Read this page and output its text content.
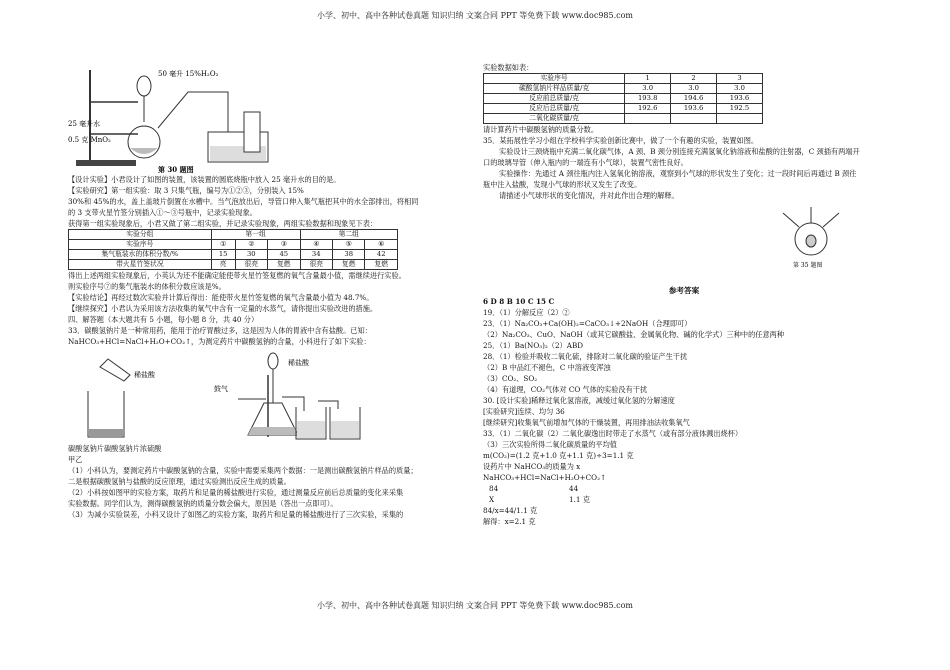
小学、初中、高中各种试卷真题 知识归纳 文案合同 PPT 等免费下载 www.doc985.com
50 毫升 15%H₂O₂
25 毫升水
0.5 克 MnO₂
第 30 题图

【设计实验】小君设计了如图的装置，该装置的圆底烧瓶中放入 25 毫升水的目的是。

【实验研究】第一组实验：取 3 只集气瓶，编号为①②③，分别装入 15%

30%和 45%的水，盖上盖玻片倒置在水槽中。当气泡放出后，导管口伸入集气瓶把其中的水全部排出，将相同

的 3 支带火星竹签分别插入①～③号瓶中，记录实验现象。

获得第一组实验现象后，小君又做了第二组实验，并记录实验现象，两组实验数据和现象见下表：

实验分组	第一组			第二组		
实验序号	①	②	③	④	⑤	⑥
集气瓶装水的体积分数/%	15	30	45	34	38	42
带火星竹签状况	亮	很亮	复燃	很亮	复燃	复燃

得出上述两组实验现象后，小英认为还不能确定能使带火星竹签复燃的氧气含量最小值，需继续进行实验。

则实验序号⑦的集气瓶装水的体积分数应该是%。

【实验结论】再经过数次实验并计算后得出：能使带火星竹签复燃的氧气含量最小值为 48.7%。

【继续探究】小君认为采用该方法收集的氧气中含有一定量的水蒸气，请你提出实验改进的措施。

四、解答题（本大题共有 5 小题，每小题 8 分，共 40 分）

33．碳酸氢钠片是一种常用药，能用于治疗胃酸过多，这是因为人体的胃液中含有盐酸。已知：

NaHCO₃+HCl=NaCl+H₂O+CO₂↑，为测定药片中碳酸氢钠的含量，小科进行了如下实验：

稀盐酸
鼓气
稀盐酸

碳酸氢钠片碳酸氢钠片浓硫酸

甲乙

（1）小科认为，要测定药片中碳酸氢钠的含量，实验中需要采集两个数据：一是测出碳酸氢钠片样品的质量；

二是根据碳酸氢钠与盐酸的反应原理，通过实验测出反应生成的质量。

（2）小科按如图甲的实验方案，取药片和足量的稀盐酸进行实验，通过测量反应前后总质量的变化来采集

实验数据。同学们认为，测得碳酸氢钠的质量分数会偏大，原因是（答出一点即可）。

（3）为减小实验误差，小科又设计了如图乙的实验方案，取药片和足量的稀盐酸进行了三次实验，采集的

实验数据如表：

实验序号	1	2	3
碳酸氢钠片样品质量/克	3.0	3.0	3.0
反应前总质量/克	193.8	194.6	193.6
反应后总质量/克	192.6	193.6	192.5
二氧化碳质量/克			

请计算药片中碳酸氢钠的质量分数。

35．某拓展性学习小组在学校科学实验创新比赛中，做了一个有趣的实验，装置如图。

实验设计三颈烧瓶中充满二氧化碳气体，A 颈、B 颈分别连接充满氢氧化钠溶液和盐酸的注射器，C 颈插有两端开

口的玻璃导管（伸入瓶内的一端连有小气球），装置气密性良好。

实验操作：先通过 A 颈往瓶内注入氢氧化钠溶液，观察到小气球的形状发生了变化；过一段时间后再通过 B 颈往

瓶中注入盐酸，发现小气球的形状又发生了改变。

请描述小气球形状的变化情况，并对此作出合理的解释。

第 35 题图

参考答案

6 D 8 B 10 C 15 C

19．（1）分解反应（2）②

23．（1）Na₂CO₃+Ca(OH)₂=CaCO₃↓+2NaOH（合理即可）

（2）Na₂CO₃、CuO、NaOH（或其它碳酸盐、金属氧化物、碱的化学式）三种中的任意两种

25．（1）Ba(NO₃)₂（2）ABD

28．（1）检验并吸收二氧化硫，排除对二氧化碳的验证产生干扰

（2）B 中品红不褪色，C 中溶液变浑浊

（3）CO₂、SO₂

（4）有道理，CO₂气体对 CO 气体的实验没有干扰

30. [设计实验]稀释过氧化氢溶液，减缓过氧化氢的分解速度

[实验研究]连续、均匀 36

[继续研究]收集氧气前增加气体的干燥装置，再用排油法收集氧气

33．（1）二氧化碳（2）二氧化碳逸出时带走了水蒸气（或有部分液体溅出烧杯）

（3）三次实验所得二氧化碳质量的平均值

m(CO₂)=(1.2 克+1.0 克+1.1 克)÷3=1.1 克

设药片中 NaHCO₃的质量为 x

NaHCO₃+HCl=NaCl+H₂O+CO₂↑

84	44

X	1.1 克

84/x=44/1.1 克

解得：x=2.1 克

小学、初中、高中各种试卷真题 知识归纳 文案合同 PPT 等免费下载 www.doc985.com
